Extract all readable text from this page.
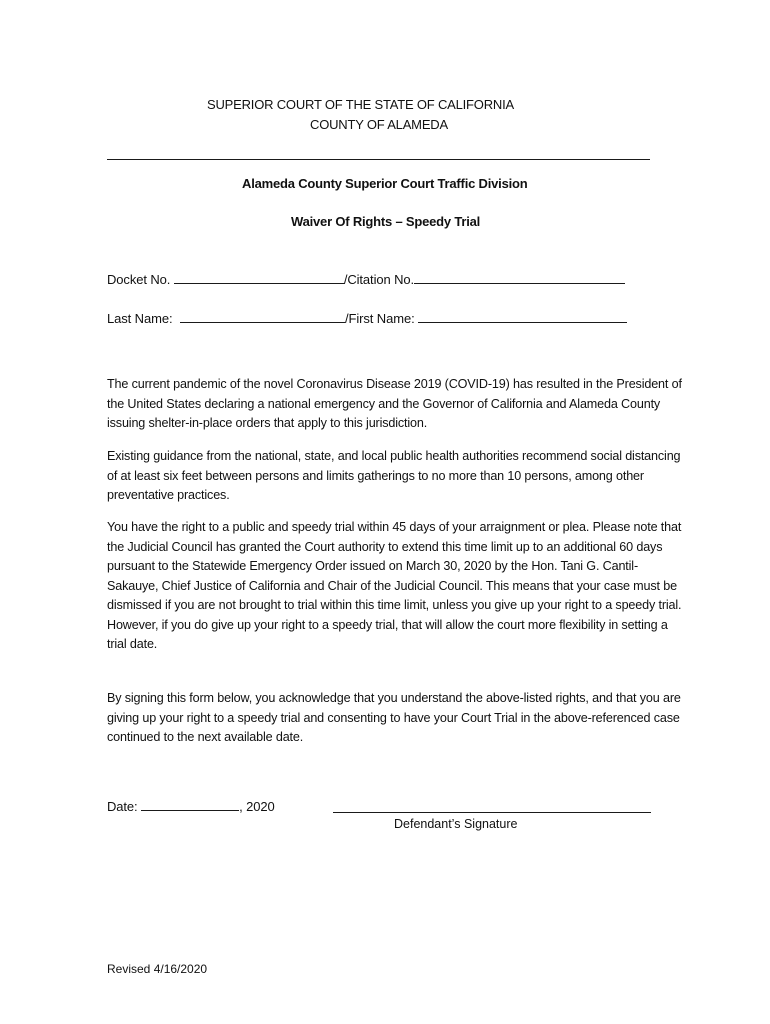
SUPERIOR COURT OF THE STATE OF CALIFORNIA
COUNTY OF ALAMEDA
Alameda County Superior Court Traffic Division
Waiver Of Rights – Speedy Trial
Docket No.	/Citation No.
Last Name:	/First Name:
The current pandemic of the novel Coronavirus Disease 2019 (COVID-19) has resulted in the President of the United States declaring a national emergency and the Governor of California and Alameda County issuing shelter-in-place orders that apply to this jurisdiction.
Existing guidance from the national, state, and local public health authorities recommend social distancing of at least six feet between persons and limits gatherings to no more than 10 persons, among other preventative practices.
You have the right to a public and speedy trial within 45 days of your arraignment or plea. Please note that the Judicial Council has granted the Court authority to extend this time limit up to an additional 60 days pursuant to the Statewide Emergency Order issued on March 30, 2020 by the Hon. Tani G. Cantil-Sakauye, Chief Justice of California and Chair of the Judicial Council. This means that your case must be dismissed if you are not brought to trial within this time limit, unless you give up your right to a speedy trial. However, if you do give up your right to a speedy trial, that will allow the court more flexibility in setting a trial date.
By signing this form below, you acknowledge that you understand the above-listed rights, and that you are giving up your right to a speedy trial and consenting to have your Court Trial in the above-referenced case continued to the next available date.
Date:	, 2020
Defendant’s Signature
Revised 4/16/2020
